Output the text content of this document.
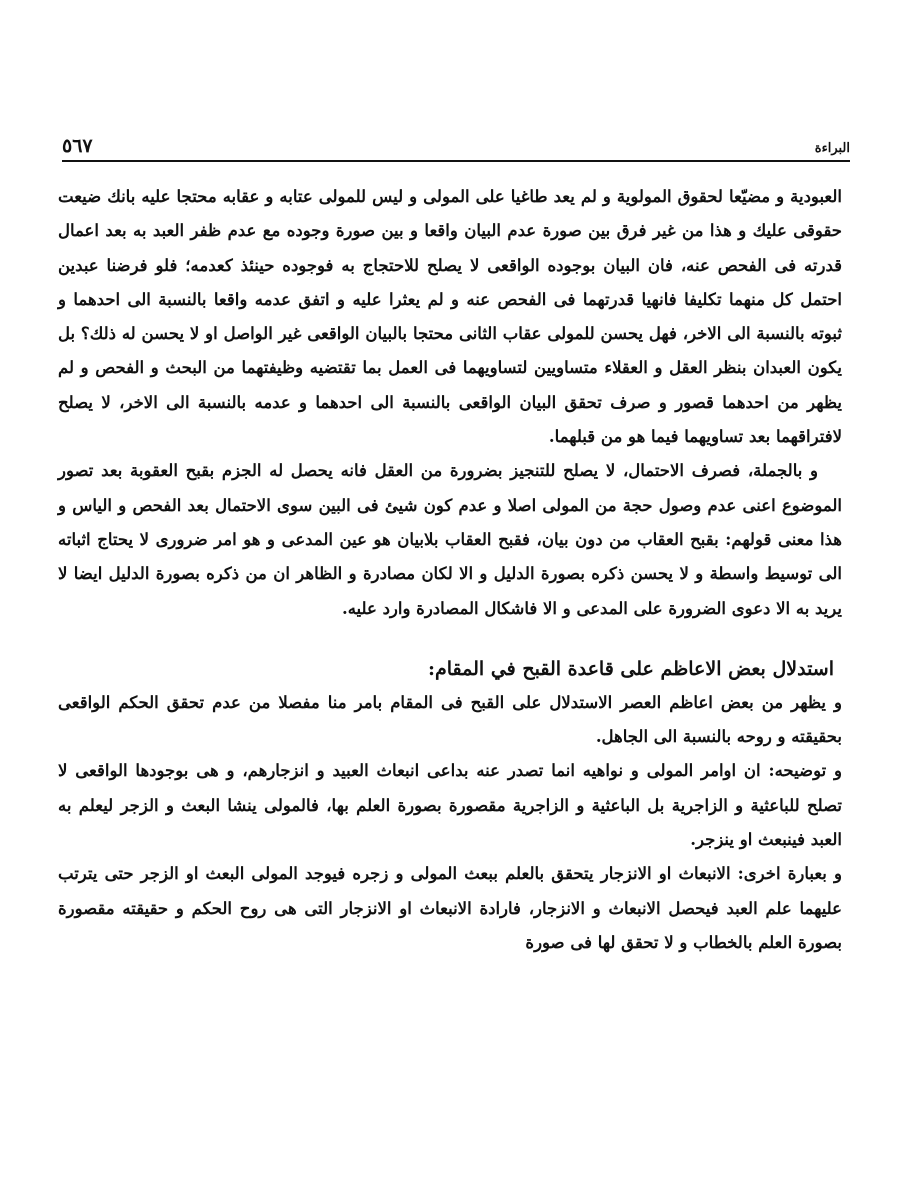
٥٦٧	البراءة

العبودية و مضيّعا لحقوق المولوية و لم يعد طاغيا على المولى و ليس للمولى عتابه و عقابه محتجا عليه بانك ضيعت حقوقى عليك و هذا من غير فرق بين صورة عدم البيان واقعا و بين صورة وجوده مع عدم ظفر العبد به بعد اعمال قدرته فى الفحص عنه، فان البيان بوجوده الواقعى لا يصلح للاحتجاج به فوجوده حينئذ كعدمه؛ فلو فرضنا عبدين احتمل كل منهما تكليفا فانهيا قدرتهما فى الفحص عنه و لم يعثرا عليه و اتفق عدمه واقعا بالنسبة الى احدهما و ثبوته بالنسبة الى الاخر، فهل يحسن للمولى عقاب الثانى محتجا بالبيان الواقعى غير الواصل او لا يحسن له ذلك؟ بل يكون العبدان بنظر العقل و العقلاء متساويين لتساويهما فى العمل بما تقتضيه وظيفتهما من البحث و الفحص و لم يظهر من احدهما قصور و صرف تحقق البيان الواقعى بالنسبة الى احدهما و عدمه بالنسبة الى الاخر، لا يصلح لافتراقهما بعد تساويهما فيما هو من قبلهما.

و بالجملة، فصرف الاحتمال، لا يصلح للتنجيز بضرورة من العقل فانه يحصل له الجزم بقبح العقوبة بعد تصور الموضوع اعنى عدم وصول حجة من المولى اصلا و عدم كون شيئ فى البين سوى الاحتمال بعد الفحص و الياس و هذا معنى قولهم: بقبح العقاب من دون بيان، فقبح العقاب بلابيان هو عين المدعى و هو امر ضرورى لا يحتاج اثباته الى توسيط واسطة و لا يحسن ذكره بصورة الدليل و الا لكان مصادرة و الظاهر ان من ذكره بصورة الدليل ايضا لا يريد به الا دعوى الضرورة على المدعى و الا فاشكال المصادرة وارد عليه.

استدلال بعض الاعاظم على قاعدة القبح في المقام:

و يظهر من بعض اعاظم العصر الاستدلال على القبح فى المقام بامر منا مفصلا من عدم تحقق الحكم الواقعى بحقيقته و روحه بالنسبة الى الجاهل.

و توضيحه: ان اوامر المولى و نواهيه انما تصدر عنه بداعى انبعاث العبيد و انزجارهم، و هى بوجودها الواقعى لا تصلح للباعثية و الزاجرية بل الباعثية و الزاجرية مقصورة بصورة العلم بها، فالمولى ينشا البعث و الزجر ليعلم به العبد فينبعث او ينزجر.

و بعبارة اخرى: الانبعاث او الانزجار يتحقق بالعلم ببعث المولى و زجره فيوجد المولى البعث او الزجر حتى يترتب عليهما علم العبد فيحصل الانبعاث و الانزجار، فارادة الانبعاث او الانزجار التى هى روح الحكم و حقيقته مقصورة بصورة العلم بالخطاب و لا تحقق لها فى صورة
